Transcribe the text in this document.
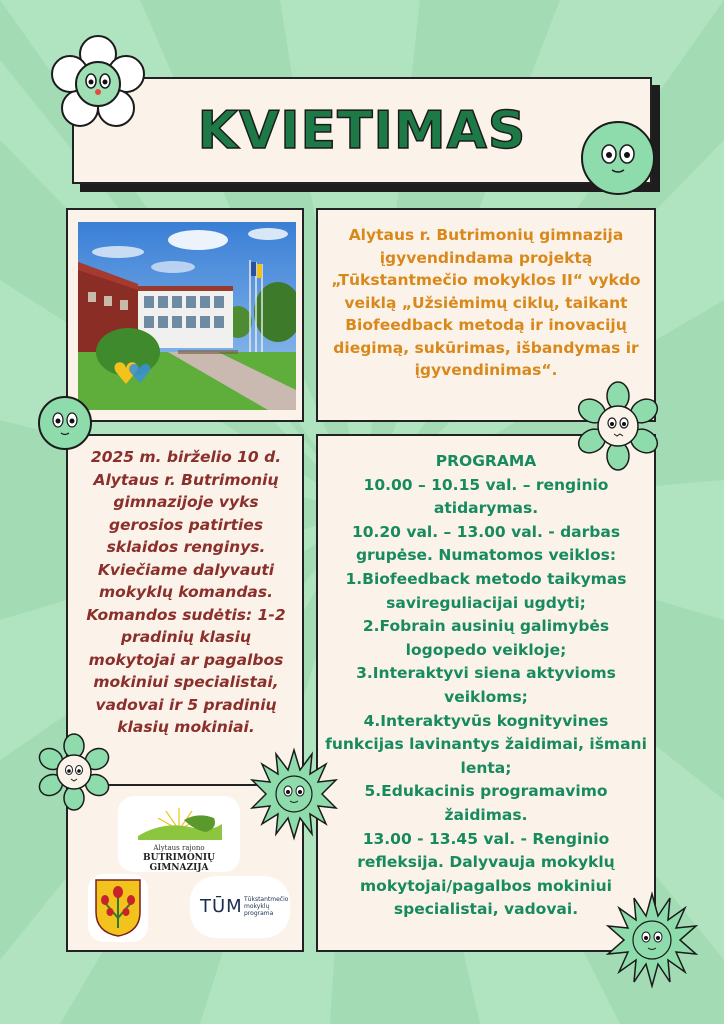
KVIETIMAS
Alytaus r. Butrimonių gimnazija
įgyvendindama projektą
„Tūkstantmečio mokyklos II“ vykdo
veiklą „Užsiėmimų ciklų, taikant
Biofeedback metodą ir inovacijų
diegimą, sukūrimas, išbandymas ir
įgyvendinimas“.
2025 m. birželio 10 d.
Alytaus r. Butrimonių
gimnazijoje vyks
gerosios patirties
sklaidos renginys.
Kviečiame dalyvauti
mokyklų komandas.
Komandos sudėtis: 1-2
pradinių klasių
mokytojai ar pagalbos
mokiniui specialistai,
vadovai ir 5 pradinių
klasių mokiniai.
Alytaus rajono
BUTRIMONIŲ GIMNAZIJA
TŪM Tūkstantmečio
mokyklų
programa
PROGRAMA
10.00 – 10.15 val. – renginio
atidarymas.
10.20 val. – 13.00 val. - darbas
grupėse. Numatomos veiklos:
1.Biofeedback metodo taikymas
savireguliacijai ugdyti;
2.Fobrain ausinių galimybės
logopedo veikloje;
3.Interaktyvi siena aktyvioms
veikloms;
4.Interaktyvūs kognityvines
funkcijas lavinantys žaidimai, išmani
lenta;
5.Edukacinis programavimo
žaidimas.
13.00 - 13.45 val. - Renginio
refleksija. Dalyvauja mokyklų
mokytojai/pagalbos mokiniui
specialistai, vadovai.
